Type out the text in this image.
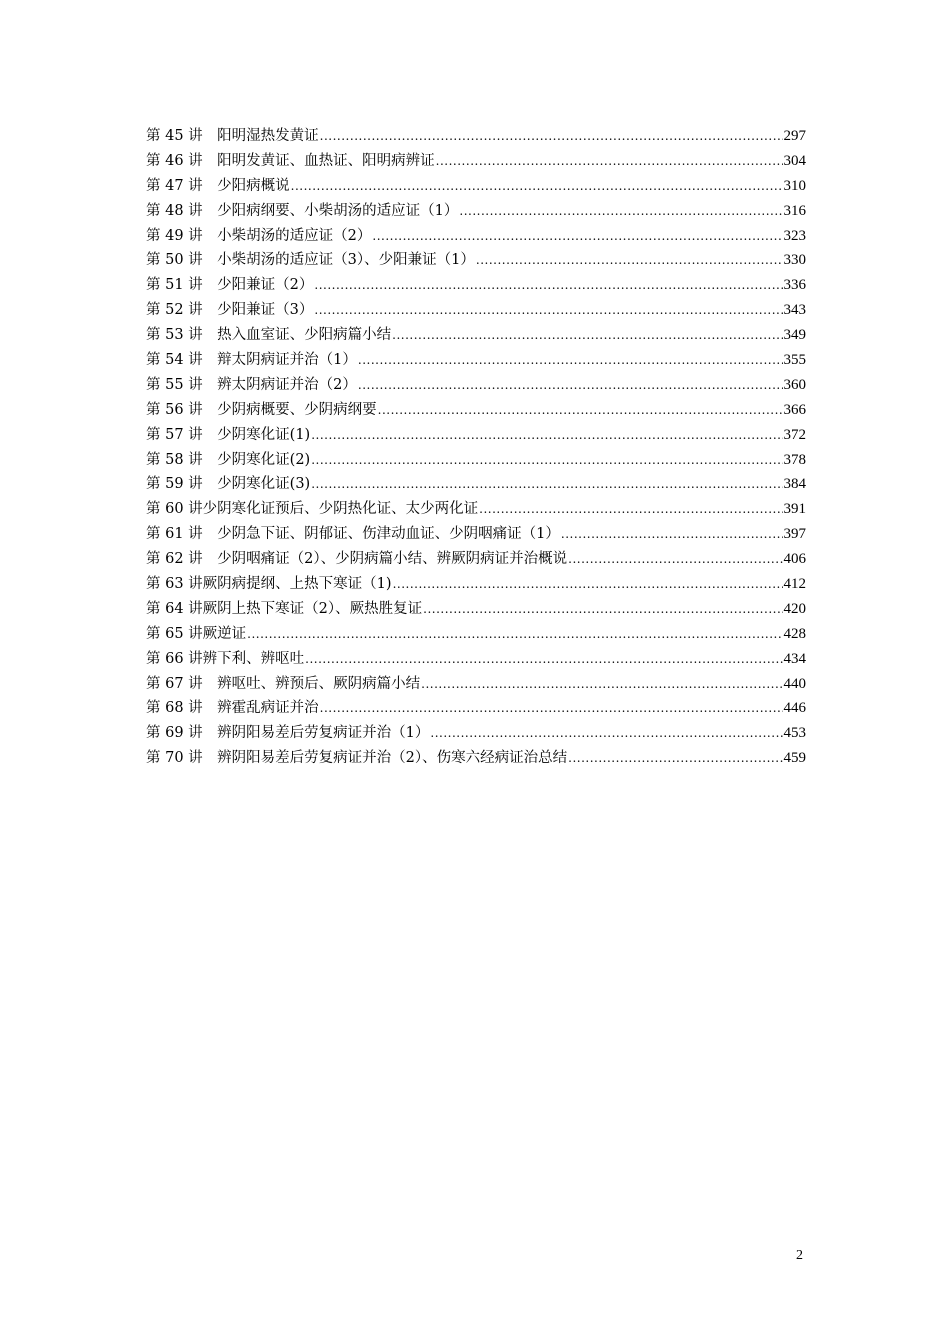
第 45 讲　阳明湿热发黄证 .....	297
第 46 讲　阳明发黄证、血热证、阳明病辨证 .....	304
第 47 讲　少阳病概说 .....	310
第 48 讲　少阳病纲要、小柴胡汤的适应证（1） .....	316
第 49 讲　小柴胡汤的适应证（2） .....	323
第 50 讲　小柴胡汤的适应证（3）、少阳兼证（1） .....	330
第 51 讲　少阳兼证（2） .....	336
第 52 讲　少阳兼证（3） .....	343
第 53 讲　热入血室证、少阳病篇小结 .....	349
第 54 讲　辩太阴病证并治（1） .....	355
第 55 讲　辨太阴病证并治（2） .....	360
第 56 讲　少阴病概要、少阴病纲要 .....	366
第 57 讲　少阴寒化证(1) .....	372
第 58 讲　少阴寒化证(2) .....	378
第 59 讲　少阴寒化证(3) .....	384
第 60 讲少阴寒化证预后、少阴热化证、太少两化证 .....	391
第 61 讲　少阴急下证、阴郁证、伤津动血证、少阴咽痛证（1） .....	397
第 62 讲　少阴咽痛证（2）、少阴病篇小结、辨厥阴病证并治概说 .....	406
第 63 讲厥阴病提纲、上热下寒证（1) .....	412
第 64 讲厥阴上热下寒证（2）、厥热胜复证 .....	420
第 65 讲厥逆证 .....	428
第 66 讲辨下利、辨呕吐 .....	434
第 67 讲　辨呕吐、辨预后、厥阴病篇小结 .....	440
第 68 讲　辨霍乱病证并治 .....	446
第 69 讲　辨阴阳易差后劳复病证并治（1） .....	453
第 70 讲　辨阴阳易差后劳复病证并治（2）、伤寒六经病证治总结 .....	459
2
